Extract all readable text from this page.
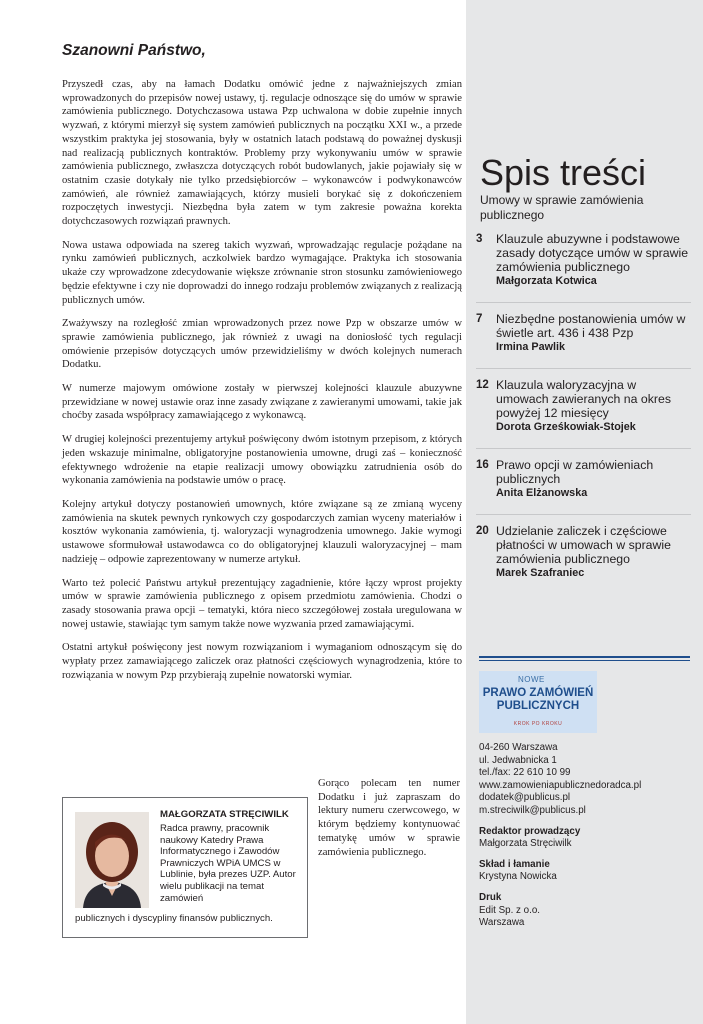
Szanowni Państwo,

Przyszedł czas, aby na łamach Dodatku omówić jedne z najważniejszych zmian wprowadzonych do przepisów nowej ustawy, tj. regulacje odnoszące się do umów w sprawie zamówienia publicznego. Dotychczasowa ustawa Pzp uchwalona w dobie zupełnie innych wyzwań, z którymi mierzył się system zamówień publicznych na początku XXI w., a przede wszystkim praktyka jej stosowania, były w ostatnich latach podstawą do poważnej dyskusji nad realizacją publicznych kontraktów. Problemy przy wykonywaniu umów w sprawie zamówienia publicznego, zwłaszcza dotyczących robót budowlanych, jakie pojawiały się w ostatnim czasie dotykały nie tylko przedsiębiorców – wykonawców i podwykonawców zamówień, ale również zamawiających, którzy musieli borykać się z dokończeniem rozpoczętych inwestycji. Niezbędna była zatem w tym zakresie poważna korekta dotychczasowych rozwiązań prawnych.

Nowa ustawa odpowiada na szereg takich wyzwań, wprowadzając regulacje pożądane na rynku zamówień publicznych, aczkolwiek bardzo wymagające. Praktyka ich stosowania ukaże czy wprowadzone zdecydowanie większe zrównanie stron stosunku zamówieniowego będzie efektywne i czy nie doprowadzi do innego rodzaju problemów związanych z realizacją publicznych umów.

Zważywszy na rozległość zmian wprowadzonych przez nowe Pzp w obszarze umów w sprawie zamówienia publicznego, jak również z uwagi na doniosłość tych regulacji omówienie przepisów dotyczących umów przewidzieliśmy w dwóch kolejnych numerach Dodatku.

W numerze majowym omówione zostały w pierwszej kolejności klauzule abuzywne przewidziane w nowej ustawie oraz inne zasady związane z zawieranymi umowami, takie jak choćby zasada współpracy zamawiającego z wykonawcą.

W drugiej kolejności prezentujemy artykuł poświęcony dwóm istotnym przepisom, z których jeden wskazuje minimalne, obligatoryjne postanowienia umowne, drugi zaś – konieczność efektywnego wdrożenie na etapie realizacji umowy obowiązku zatrudnienia osób do wykonania zamówienia na podstawie umów o pracę.

Kolejny artykuł dotyczy postanowień umownych, które związane są ze zmianą wyceny zamówienia na skutek pewnych rynkowych czy gospodarczych zamian wyceny materiałów i kosztów wykonania zamówienia, tj. waloryzacji wynagrodzenia umownego. Jakie wymogi ustawowe sformułował ustawodawca co do obligatoryjnej klauzuli waloryzacyjnej – mam nadzieję – odpowie zaprezentowany w numerze artykuł.

Warto też polecić Państwu artykuł prezentujący zagadnienie, które łączy wprost projekty umów w sprawie zamówienia publicznego z opisem przedmiotu zamówienia. Chodzi o zasady stosowania prawa opcji – tematyki, która nieco szczegółowej została uregulowana w nowej ustawie, stawiając tym samym także nowe wyzwania przed zamawiającymi.

Ostatni artykuł poświęcony jest nowym rozwiązaniom i wymaganiom odnoszącym się do wypłaty przez zamawiającego zaliczek oraz płatności częściowych wynagrodzenia, które to rozwiązania w nowym Pzp przybierają zupełnie nowatorski wymiar.

MAŁGORZATA STRĘCIWILK
Radca prawny, pracownik naukowy Katedry Prawa Informatycznego i Zawodów Prawniczych WPiA UMCS w Lublinie, była prezes UZP. Autor wielu publikacji na temat zamówień
publicznych i dyscypliny finansów publicznych.

Gorąco polecam ten numer Dodatku i już zapraszam do lektury numeru czerwcowego, w którym będziemy kontynuować tematykę umów w sprawie zamówienia publicznego.

Spis treści
Umowy w sprawie zamówienia publicznego
3	Klauzule abuzywne i podstawowe zasady dotyczące umów w sprawie zamówienia publicznego
Małgorzata Kotwica
7	Niezbędne postanowienia umów w świetle art. 436 i 438 Pzp
Irmina Pawlik
12 Klauzula waloryzacyjna w umowach zawieranych na okres powyżej 12 miesięcy
Dorota Grześkowiak-Stojek
16 Prawo opcji w zamówieniach publicznych
Anita Elżanowska
20 Udzielanie zaliczek i częściowe płatności w umowach w sprawie zamówienia publicznego
Marek Szafraniec
NOWE
PRAWO ZAMÓWIEŃ
PUBLICZNYCH
KROK PO KROKU
04-260 Warszawa
ul. Jedwabnicka 1
tel./fax: 22 610 10 99
www.zamowieniapublicznedoradca.pl
dodatek@publicus.pl
m.streciwilk@publicus.pl
Redaktor prowadzący
Małgorzata Stręciwilk
Skład i łamanie
Krystyna Nowicka
Druk
Edit Sp. z o.o.
Warszawa
